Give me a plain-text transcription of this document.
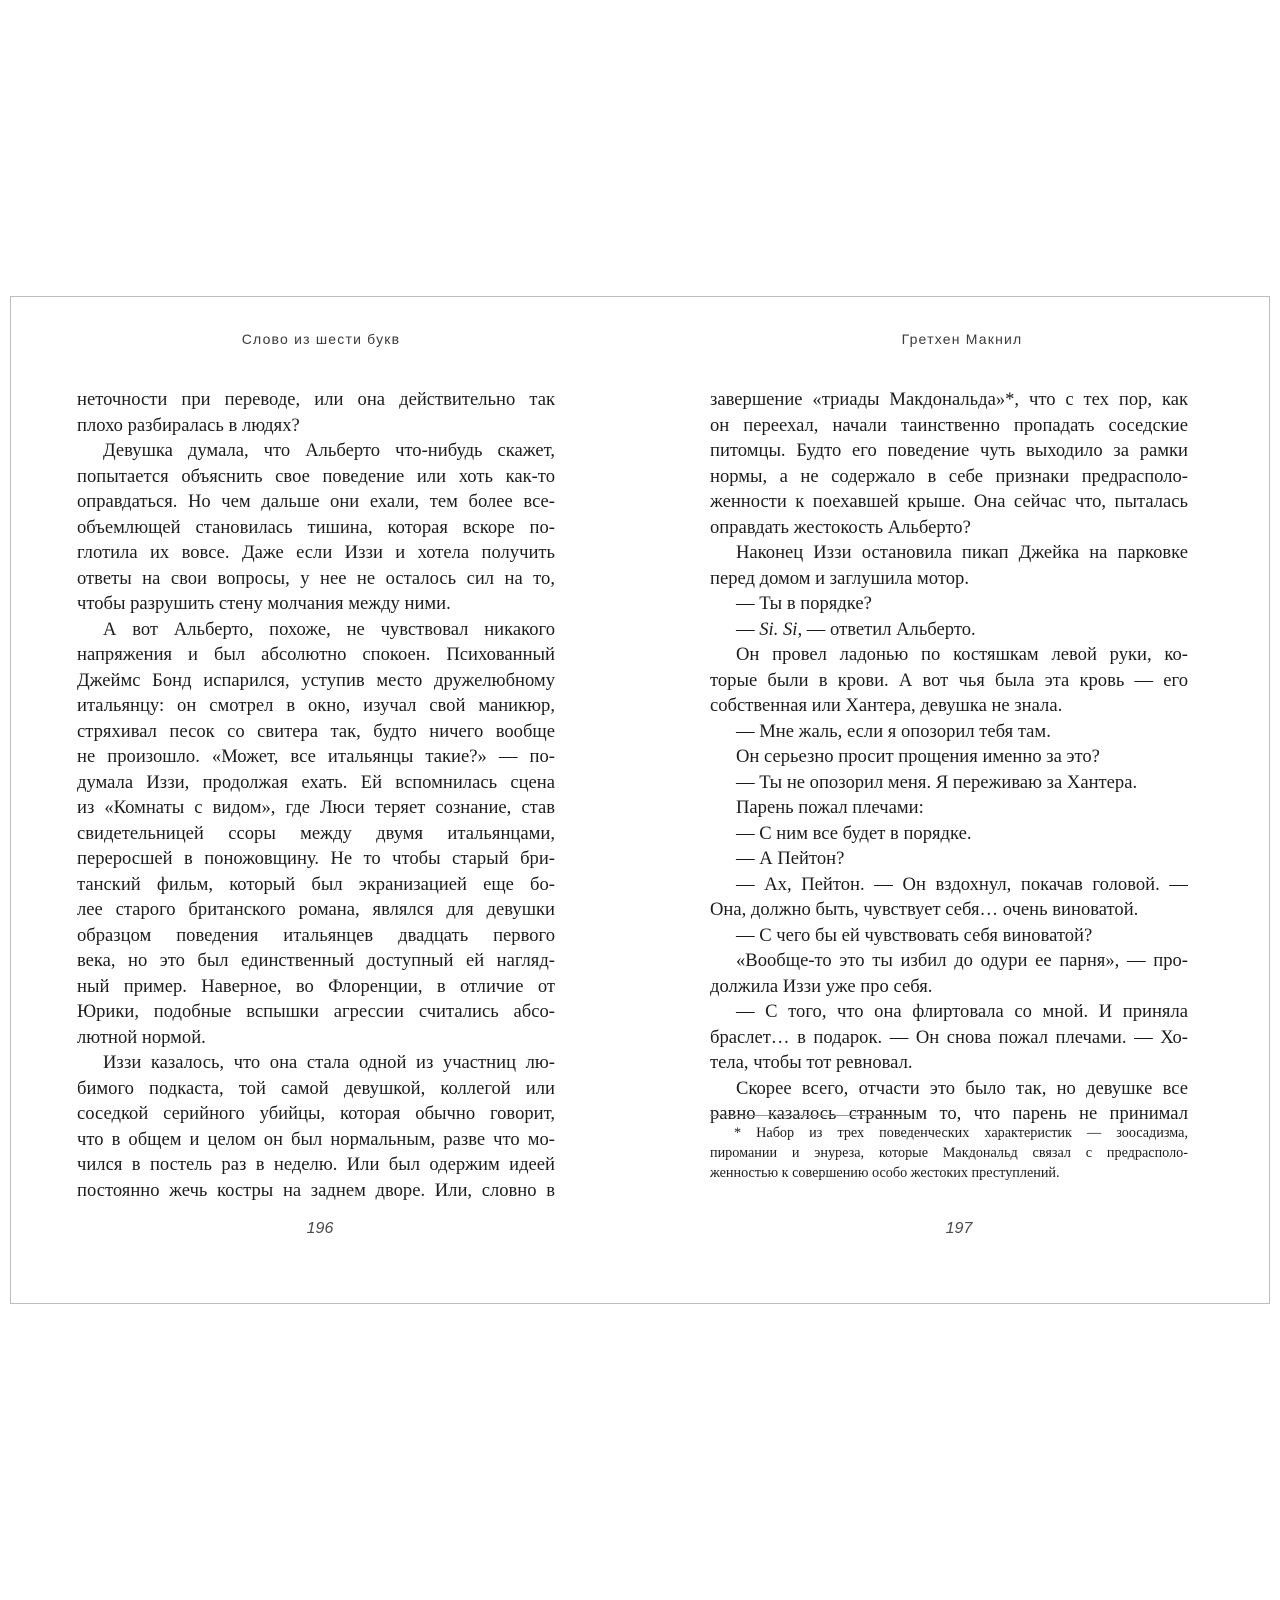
Слово из шести букв
неточности при переводе, или она действительно так
плохо разбиралась в людях?
Девушка думала, что Альберто что-нибудь скажет,
попытается объяснить свое поведение или хоть как-то
оправдаться. Но чем дальше они ехали, тем более все-
объемлющей становилась тишина, которая вскоре по-
глотила их вовсе. Даже если Иззи и хотела получить
ответы на свои вопросы, у нее не осталось сил на то,
чтобы разрушить стену молчания между ними.
А вот Альберто, похоже, не чувствовал никакого
напряжения и был абсолютно спокоен. Психованный
Джеймс Бонд испарился, уступив место дружелюбному
итальянцу: он смотрел в окно, изучал свой маникюр,
стряхивал песок со свитера так, будто ничего вообще
не произошло. «Может, все итальянцы такие?» — по-
думала Иззи, продолжая ехать. Ей вспомнилась сцена
из «Комнаты с видом», где Люси теряет сознание, став
свидетельницей ссоры между двумя итальянцами,
переросшей в поножовщину. Не то чтобы старый бри-
танский фильм, который был экранизацией еще бо-
лее старого британского романа, являлся для девушки
образцом поведения итальянцев двадцать первого
века, но это был единственный доступный ей нагляд-
ный пример. Наверное, во Флоренции, в отличие от
Юрики, подобные вспышки агрессии считались абсо-
лютной нормой.
Иззи казалось, что она стала одной из участниц лю-
бимого подкаста, той самой девушкой, коллегой или
соседкой серийного убийцы, которая обычно говорит,
что в общем и целом он был нормальным, разве что мо-
чился в постель раз в неделю. Или был одержим идеей
постоянно жечь костры на заднем дворе. Или, словно в
196
Гретхен Макнил
завершение «триады Макдональда»*, что с тех пор, как
он переехал, начали таинственно пропадать соседские
питомцы. Будто его поведение чуть выходило за рамки
нормы, а не содержало в себе признаки предрасполо-
женности к поехавшей крыше. Она сейчас что, пыталась
оправдать жестокость Альберто?
Наконец Иззи остановила пикап Джейка на парковке
перед домом и заглушила мотор.
— Ты в порядке?
— Si. Si, — ответил Альберто.
Он провел ладонью по костяшкам левой руки, ко-
торые были в крови. А вот чья была эта кровь — его
собственная или Хантера, девушка не знала.
— Мне жаль, если я опозорил тебя там.
Он серьезно просит прощения именно за это?
— Ты не опозорил меня. Я переживаю за Хантера.
Парень пожал плечами:
— С ним все будет в порядке.
— А Пейтон?
— Ах, Пейтон. — Он вздохнул, покачав головой. —
Она, должно быть, чувствует себя… очень виноватой.
— С чего бы ей чувствовать себя виноватой?
«Вообще-то это ты избил до одури ее парня», — про-
должила Иззи уже про себя.
— С того, что она флиртовала со мной. И приняла
браслет… в подарок. — Он снова пожал плечами. — Хо-
тела, чтобы тот ревновал.
Скорее всего, отчасти это было так, но девушке все
равно казалось странным то, что парень не принимал
* Набор из трех поведенческих характеристик — зоосадизма,
пиромании и энуреза, которые Макдональд связал с предрасполо-
женностью к совершению особо жестоких преступлений.
197
